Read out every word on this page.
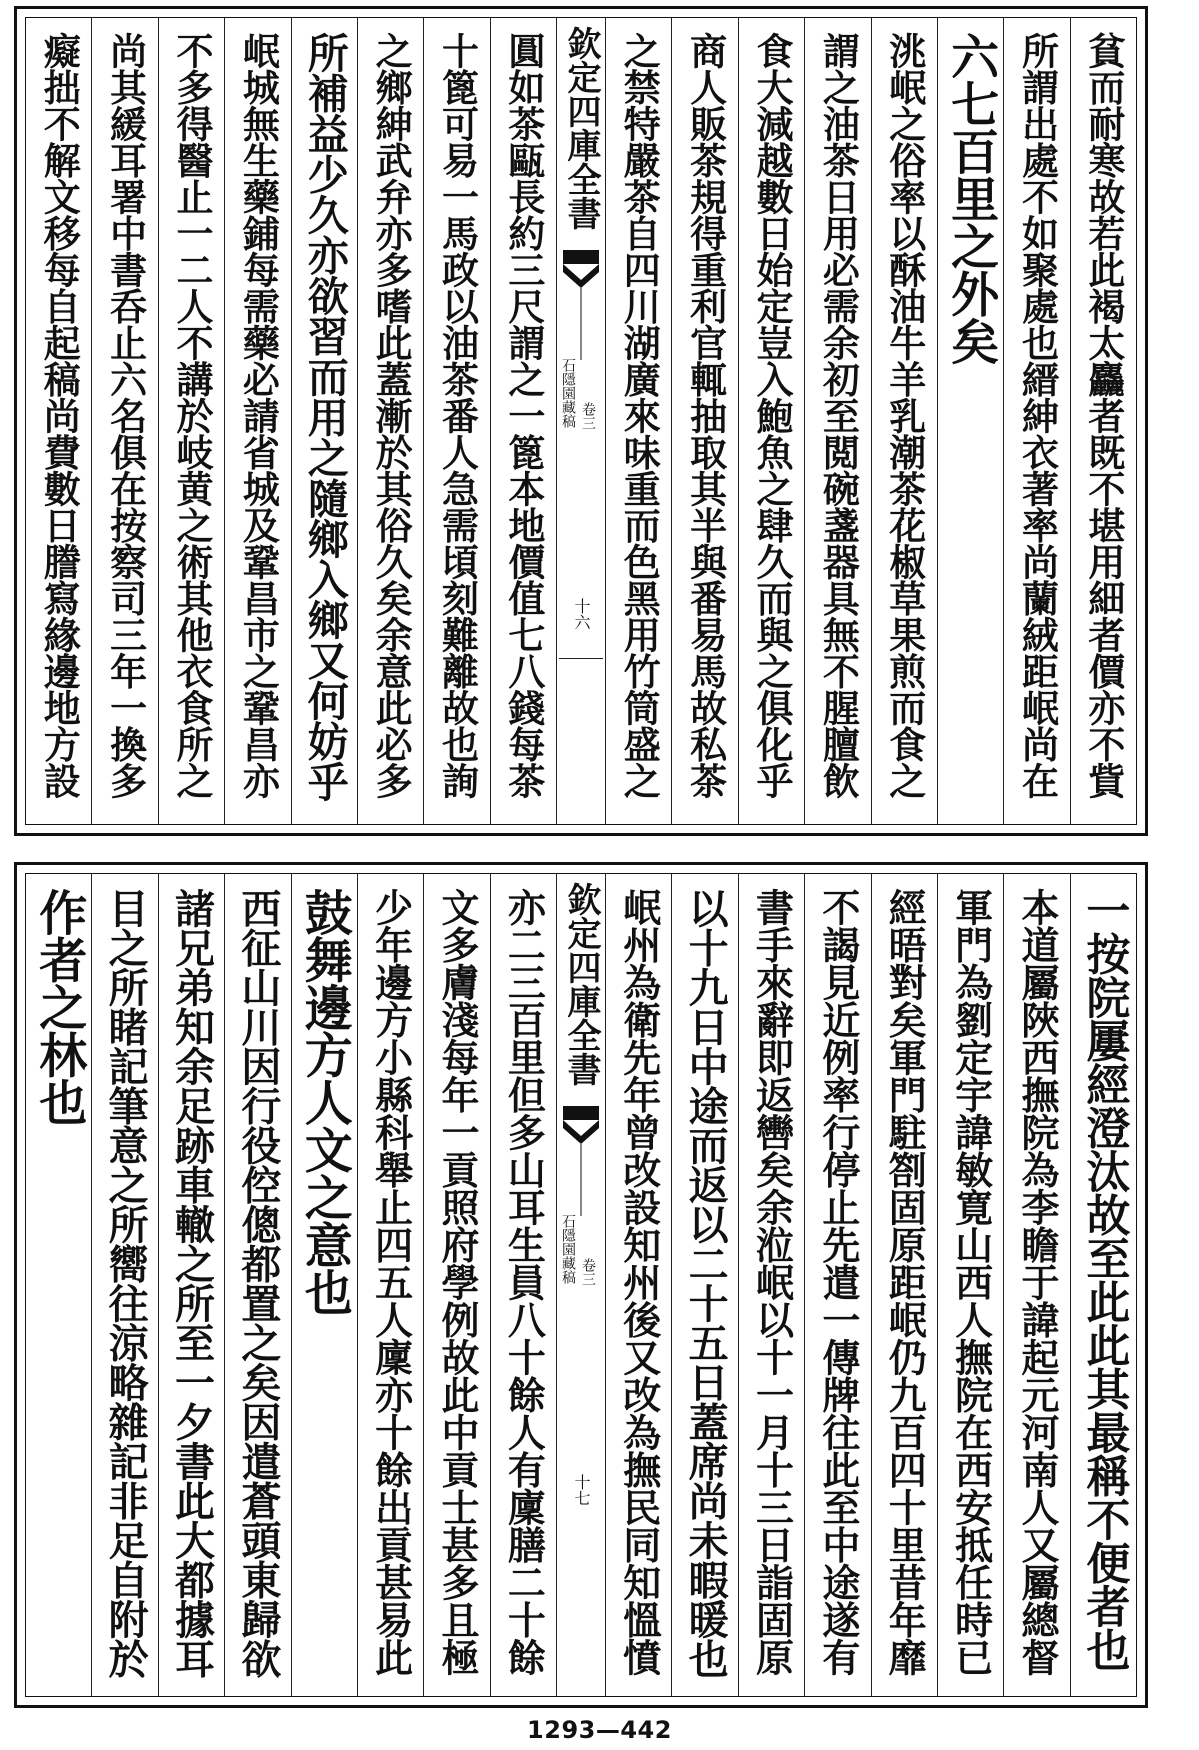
貧而耐寒故若此褐太麤者既不堪用細者價亦不貲
所謂出處不如聚處也縉紳衣著率尚蘭絨距岷尚在
六七百里之外矣
洮岷之俗率以酥油牛羊乳潮茶花椒草果煎而食之
謂之油茶日用必需余初至閲碗盞器具無不腥膻飲
食大減越數日始定豈入鮑魚之肆久而與之俱化乎
商人販茶規得重利官輒抽取其半與番易馬故私茶
之禁特嚴茶自四川湖廣來味重而色黑用竹筒盛之
欽定四庫全書
石隱園藏稿 卷三
十六
圓如茶甌長約三尺謂之一篦本地價值七八錢每茶
十篦可易一馬政以油茶番人急需頃刻難離故也詢
之鄉紳武弁亦多嗜此蓋漸於其俗久矣余意此必多
所補益少久亦欲習而用之隨鄉入鄉又何妨乎
岷城無生藥鋪每需藥必請省城及鞏昌市之鞏昌亦
不多得醫止一二人不講於岐黄之術其他衣食所之
尚其緩耳署中書呑止六名俱在按察司三年一換多
癡拙不解文移每自起稿尚費數日謄寫緣邊地方設
一按院屢經澄汰故至此此其最稱不便者也
本道屬陜西撫院為李瞻于諱起元河南人又屬總督
軍門為劉定宇諱敏寛山西人撫院在西安抵任時已
經晤對矣軍門駐劄固原距岷仍九百四十里昔年靡
不謁見近例率行停止先遣一傳牌往此至中途遂有
書手來辭即返轡矣余涖岷以十一月十三日詣固原
以十九日中途而返以二十五日蓋席尚未暇暖也
岷州為衛先年曾改設知州後又改為撫民同知慍憤
欽定四庫全書
石隱園藏稿 卷三
十七
亦二三百里但多山耳生員八十餘人有廩膳二十餘
文多膚淺每年一貢照府學例故此中貢士甚多且極
少年邊方小縣科舉止四五人廩亦十餘出貢甚易此
鼓舞邊方人文之意也
西征山川因行役倥傯都置之矣因遣蒼頭東歸欲
諸兄弟知余足跡車轍之所至一夕書此大都據耳
目之所睹記筆意之所嚮往涼略雜記非足自附於
作者之林也
1293—442
